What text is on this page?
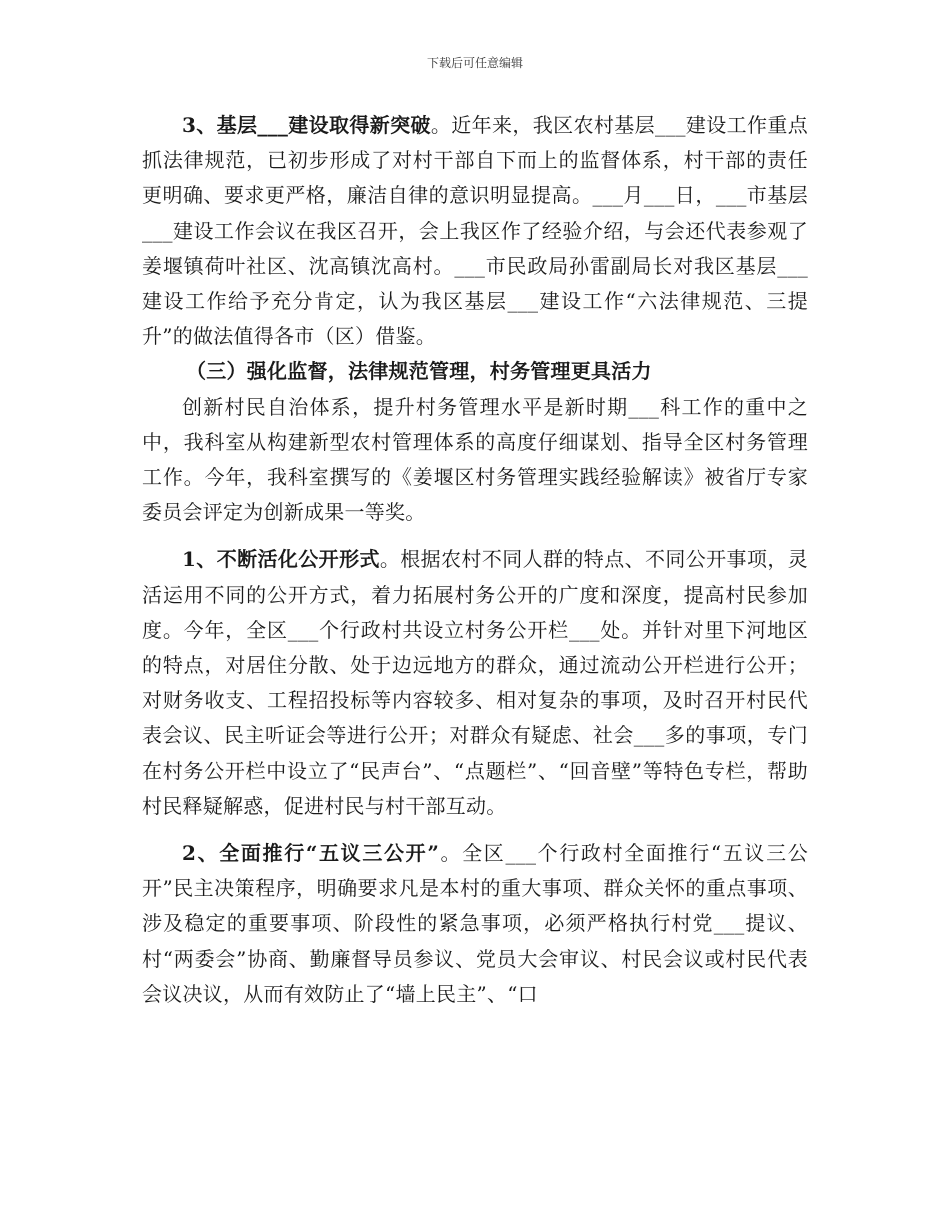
下载后可任意编辑

3、基层___建设取得新突破。近年来，我区农村基层___建设工作重点抓法律规范，已初步形成了对村干部自下而上的监督体系，村干部的责任更明确、要求更严格，廉洁自律的意识明显提高。___月___日，___市基层___建设工作会议在我区召开，会上我区作了经验介绍，与会还代表参观了姜堰镇荷叶社区、沈高镇沈高村。___市民政局孙雷副局长对我区基层___建设工作给予充分肯定，认为我区基层___建设工作“六法律规范、三提升”的做法值得各市（区）借鉴。

（三）强化监督，法律规范管理，村务管理更具活力

创新村民自治体系，提升村务管理水平是新时期___科工作的重中之中，我科室从构建新型农村管理体系的高度仔细谋划、指导全区村务管理工作。今年，我科室撰写的《姜堰区村务管理实践经验解读》被省厅专家委员会评定为创新成果一等奖。

1、不断活化公开形式。根据农村不同人群的特点、不同公开事项，灵活运用不同的公开方式，着力拓展村务公开的广度和深度，提高村民参加度。今年，全区___个行政村共设立村务公开栏___处。并针对里下河地区的特点，对居住分散、处于边远地方的群众，通过流动公开栏进行公开；对财务收支、工程招投标等内容较多、相对复杂的事项，及时召开村民代表会议、民主听证会等进行公开；对群众有疑虑、社会___多的事项，专门在村务公开栏中设立了“民声台”、“点题栏”、“回音壁”等特色专栏，帮助村民释疑解惑，促进村民与村干部互动。

2、全面推行“五议三公开”。全区___个行政村全面推行“五议三公开”民主决策程序，明确要求凡是本村的重大事项、群众关怀的重点事项、涉及稳定的重要事项、阶段性的紧急事项，必须严格执行村党___提议、村“两委会”协商、勤廉督导员参议、党员大会审议、村民会议或村民代表会议决议，从而有效防止了“墙上民主”、“口
